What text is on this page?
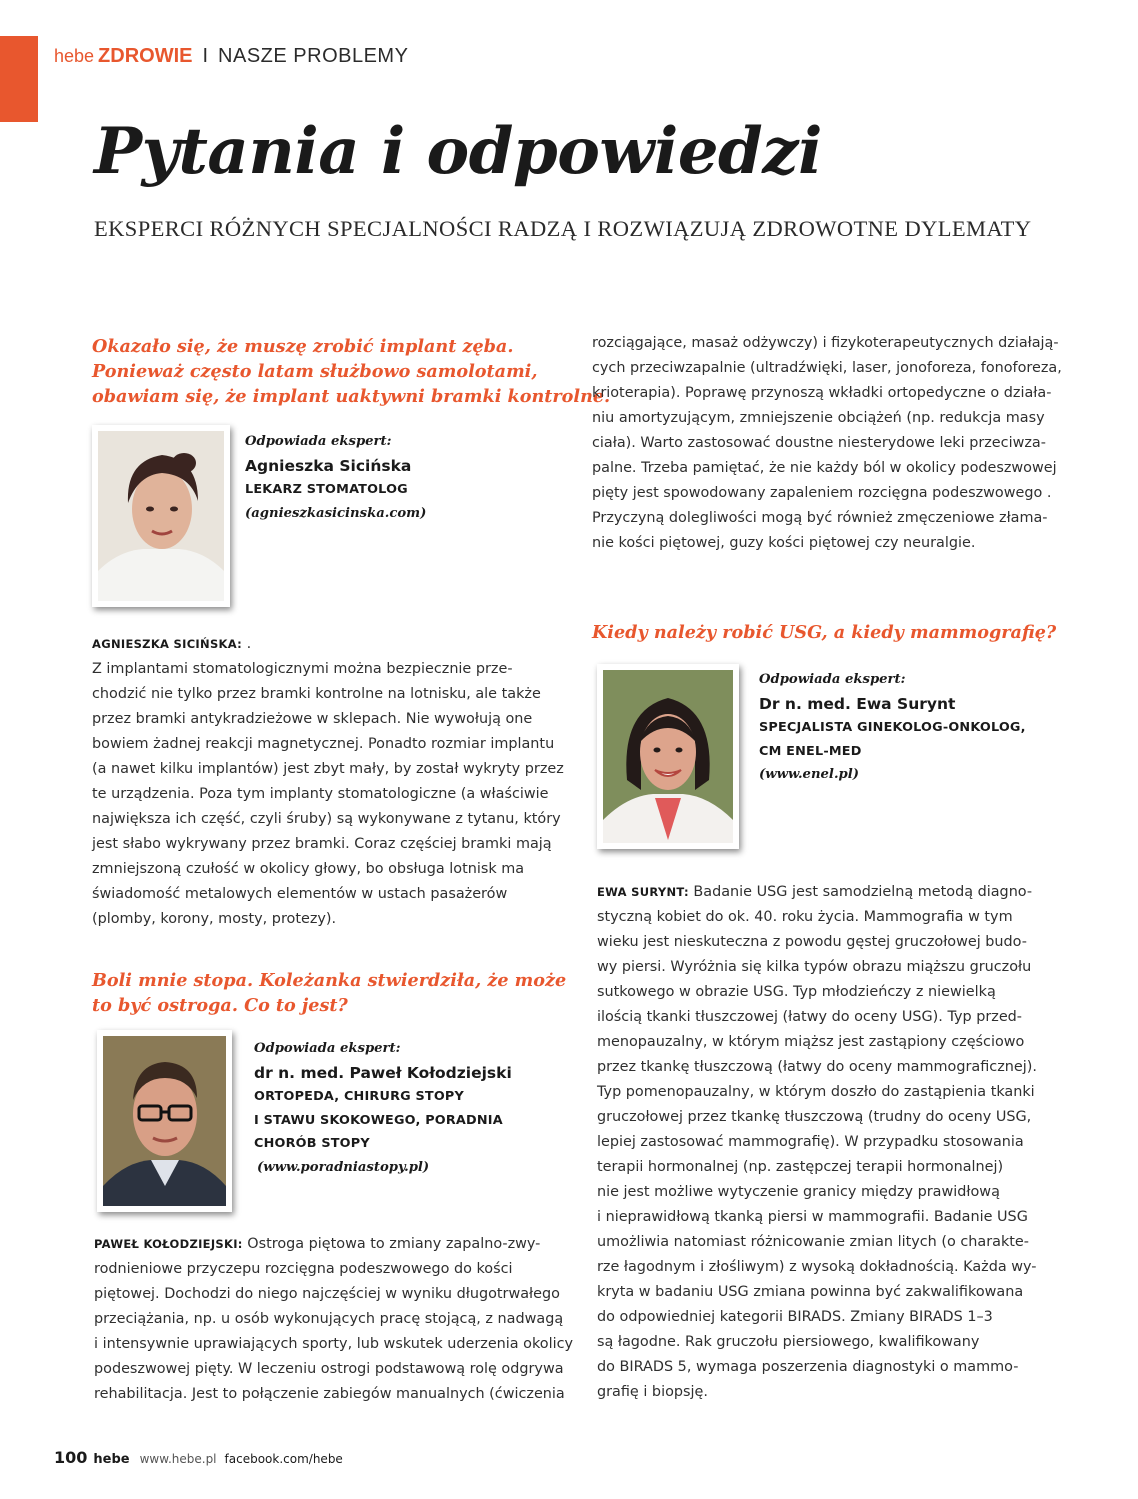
hebe ZDROWIE I NASZE PROBLEMY
Pytania i odpowiedzi

EKSPERCI RÓŻNYCH SPECJALNOŚCI RADZĄ I ROZWIĄZUJĄ ZDROWOTNE DYLEMATY

Okazało się, że muszę zrobić implant zęba.
Ponieważ często latam służbowo samolotami,
obawiam się, że implant uaktywni bramki kontrolne.

Odpowiada ekspert:
Agnieszka Sicińska
LEKARZ STOMATOLOG
(agnieszkasicinska.com)
AGNIESZKA SICIŃSKA: .
Z implantami stomatologicznymi można bezpiecznie prze-
chodzić nie tylko przez bramki kontrolne na lotnisku, ale także
przez bramki antykradzieżowe w sklepach. Nie wywołują one
bowiem żadnej reakcji magnetycznej. Ponadto rozmiar implantu
(a nawet kilku implantów) jest zbyt mały, by został wykryty przez
te urządzenia. Poza tym implanty stomatologiczne (a właściwie
największa ich część, czyli śruby) są wykonywane z tytanu, który
jest słabo wykrywany przez bramki. Coraz częściej bramki mają
zmniejszoną czułość w okolicy głowy, bo obsługa lotnisk ma
świadomość metalowych elementów w ustach pasażerów
(plomby, korony, mosty, protezy).

Boli mnie stopa. Koleżanka stwierdziła, że może
to być ostroga. Co to jest?

Odpowiada ekspert:
dr n. med. Paweł Kołodziejski
ORTOPEDA, CHIRURG STOPY
I STAWU SKOKOWEGO, PORADNIA
CHORÓB STOPY
(www.poradniastopy.pl)
PAWEŁ KOŁODZIEJSKI: Ostroga piętowa to zmiany zapalno-zwy-
rodnieniowe przyczepu rozcięgna podeszwowego do kości
piętowej. Dochodzi do niego najczęściej w wyniku długotrwałego
przeciążania, np. u osób wykonujących pracę stojącą, z nadwagą
i intensywnie uprawiających sporty, lub wskutek uderzenia okolicy
podeszwowej pięty. W leczeniu ostrogi podstawową rolę odgrywa
rehabilitacja. Jest to połączenie zabiegów manualnych (ćwiczenia
rozciągające, masaż odżywczy) i fizykoterapeutycznych działają-
cych przeciwzapalnie (ultradźwięki, laser, jonoforeza, fonoforeza,
krioterapia). Poprawę przynoszą wkładki ortopedyczne o działa-
niu amortyzującym, zmniejszenie obciążeń (np. redukcja masy
ciała). Warto zastosować doustne niesterydowe leki przeciwza-
palne. Trzeba pamiętać, że nie każdy ból w okolicy podeszwowej
pięty jest spowodowany zapaleniem rozcięgna podeszwowego .
Przyczyną dolegliwości mogą być również zmęczeniowe złama-
nie kości piętowej, guzy kości piętowej czy neuralgie.

Kiedy należy robić USG, a kiedy mammografię?

Odpowiada ekspert:
Dr n. med. Ewa Surynt
SPECJALISTA GINEKOLOG-ONKOLOG,
CM ENEL-MED
(www.enel.pl)
EWA SURYNT: Badanie USG jest samodzielną metodą diagno-
styczną kobiet do ok. 40. roku życia. Mammografia w tym
wieku jest nieskuteczna z powodu gęstej gruczołowej budo-
wy piersi. Wyróżnia się kilka typów obrazu miąższu gruczołu
sutkowego w obrazie USG. Typ młodzieńczy z niewielką
ilością tkanki tłuszczowej (łatwy do oceny USG). Typ przed-
menopauzalny, w którym miąższ jest zastąpiony częściowo
przez tkankę tłuszczową (łatwy do oceny mammograficznej).
Typ pomenopauzalny, w którym doszło do zastąpienia tkanki
gruczołowej przez tkankę tłuszczową (trudny do oceny USG,
lepiej zastosować mammografię). W przypadku stosowania
terapii hormonalnej (np. zastępczej terapii hormonalnej)
nie jest możliwe wytyczenie granicy między prawidłową
i nieprawidłową tkanką piersi w mammografii. Badanie USG
umożliwia natomiast różnicowanie zmian litych (o charakte-
rze łagodnym i złośliwym) z wysoką dokładnością. Każda wy-
kryta w badaniu USG zmiana powinna być zakwalifikowana
do odpowiedniej kategorii BIRADS. Zmiany BIRADS 1–3
są łagodne. Rak gruczołu piersiowego, kwalifikowany
do BIRADS 5, wymaga poszerzenia diagnostyki o mammo-
grafię i biopsję.
100 hebe www.hebe.pl facebook.com/hebe
